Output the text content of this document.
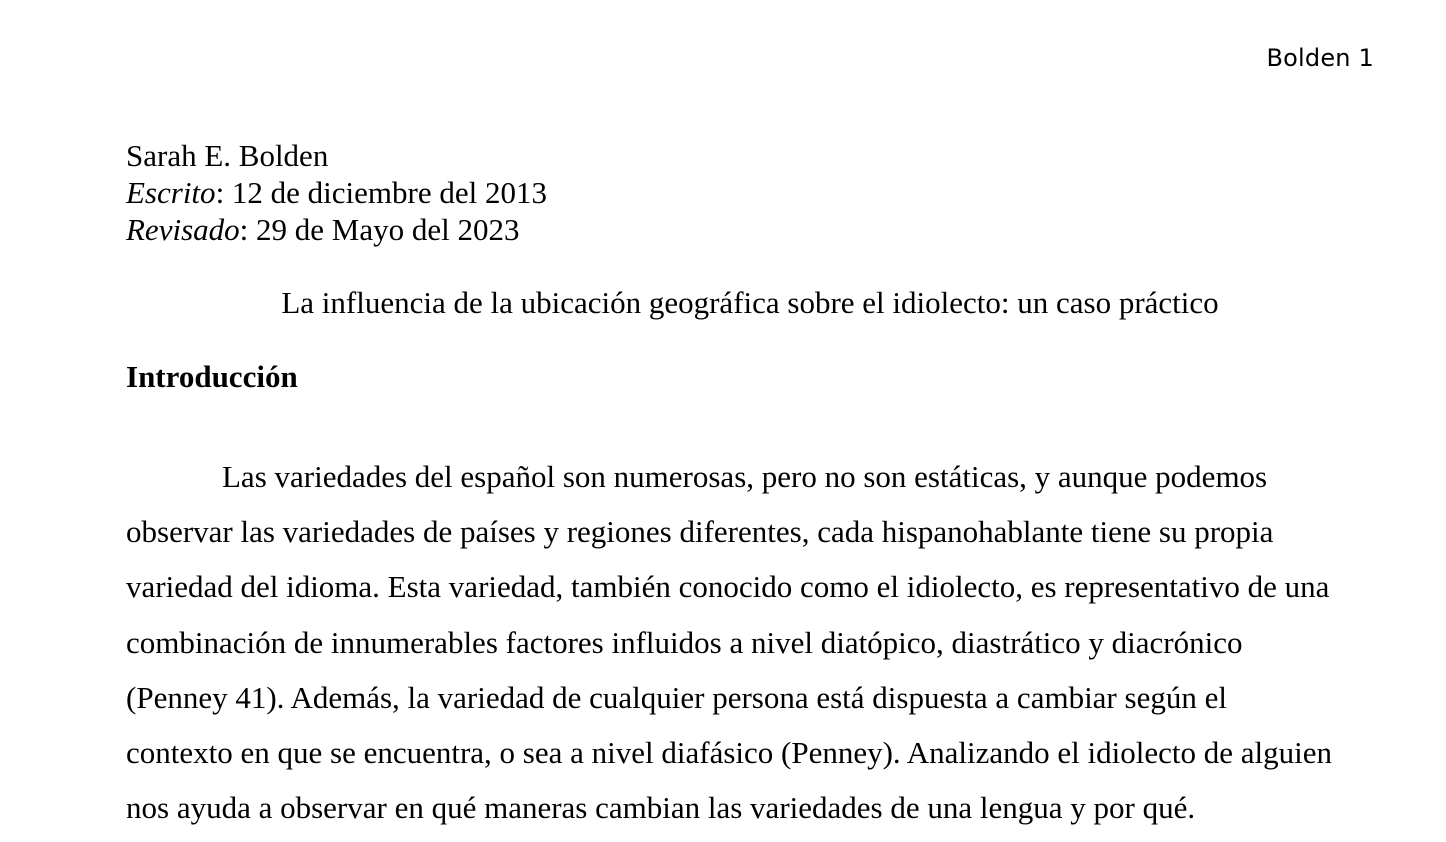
Bolden 1
Sarah E. Bolden
Escrito: 12 de diciembre del 2013
Revisado: 29 de Mayo del 2023
La influencia de la ubicación geográfica sobre el idiolecto: un caso práctico
Introducción
Las variedades del español son numerosas, pero no son estáticas, y aunque podemos
observar las variedades de países y regiones diferentes, cada hispanohablante tiene su propia
variedad del idioma. Esta variedad, también conocido como el idiolecto, es representativo de una
combinación de innumerables factores influidos a nivel diatópico, diastrático y diacrónico
(Penney 41). Además, la variedad de cualquier persona está dispuesta a cambiar según el
contexto en que se encuentra, o sea a nivel diafásico (Penney). Analizando el idiolecto de alguien
nos ayuda a observar en qué maneras cambian las variedades de una lengua y por qué.
